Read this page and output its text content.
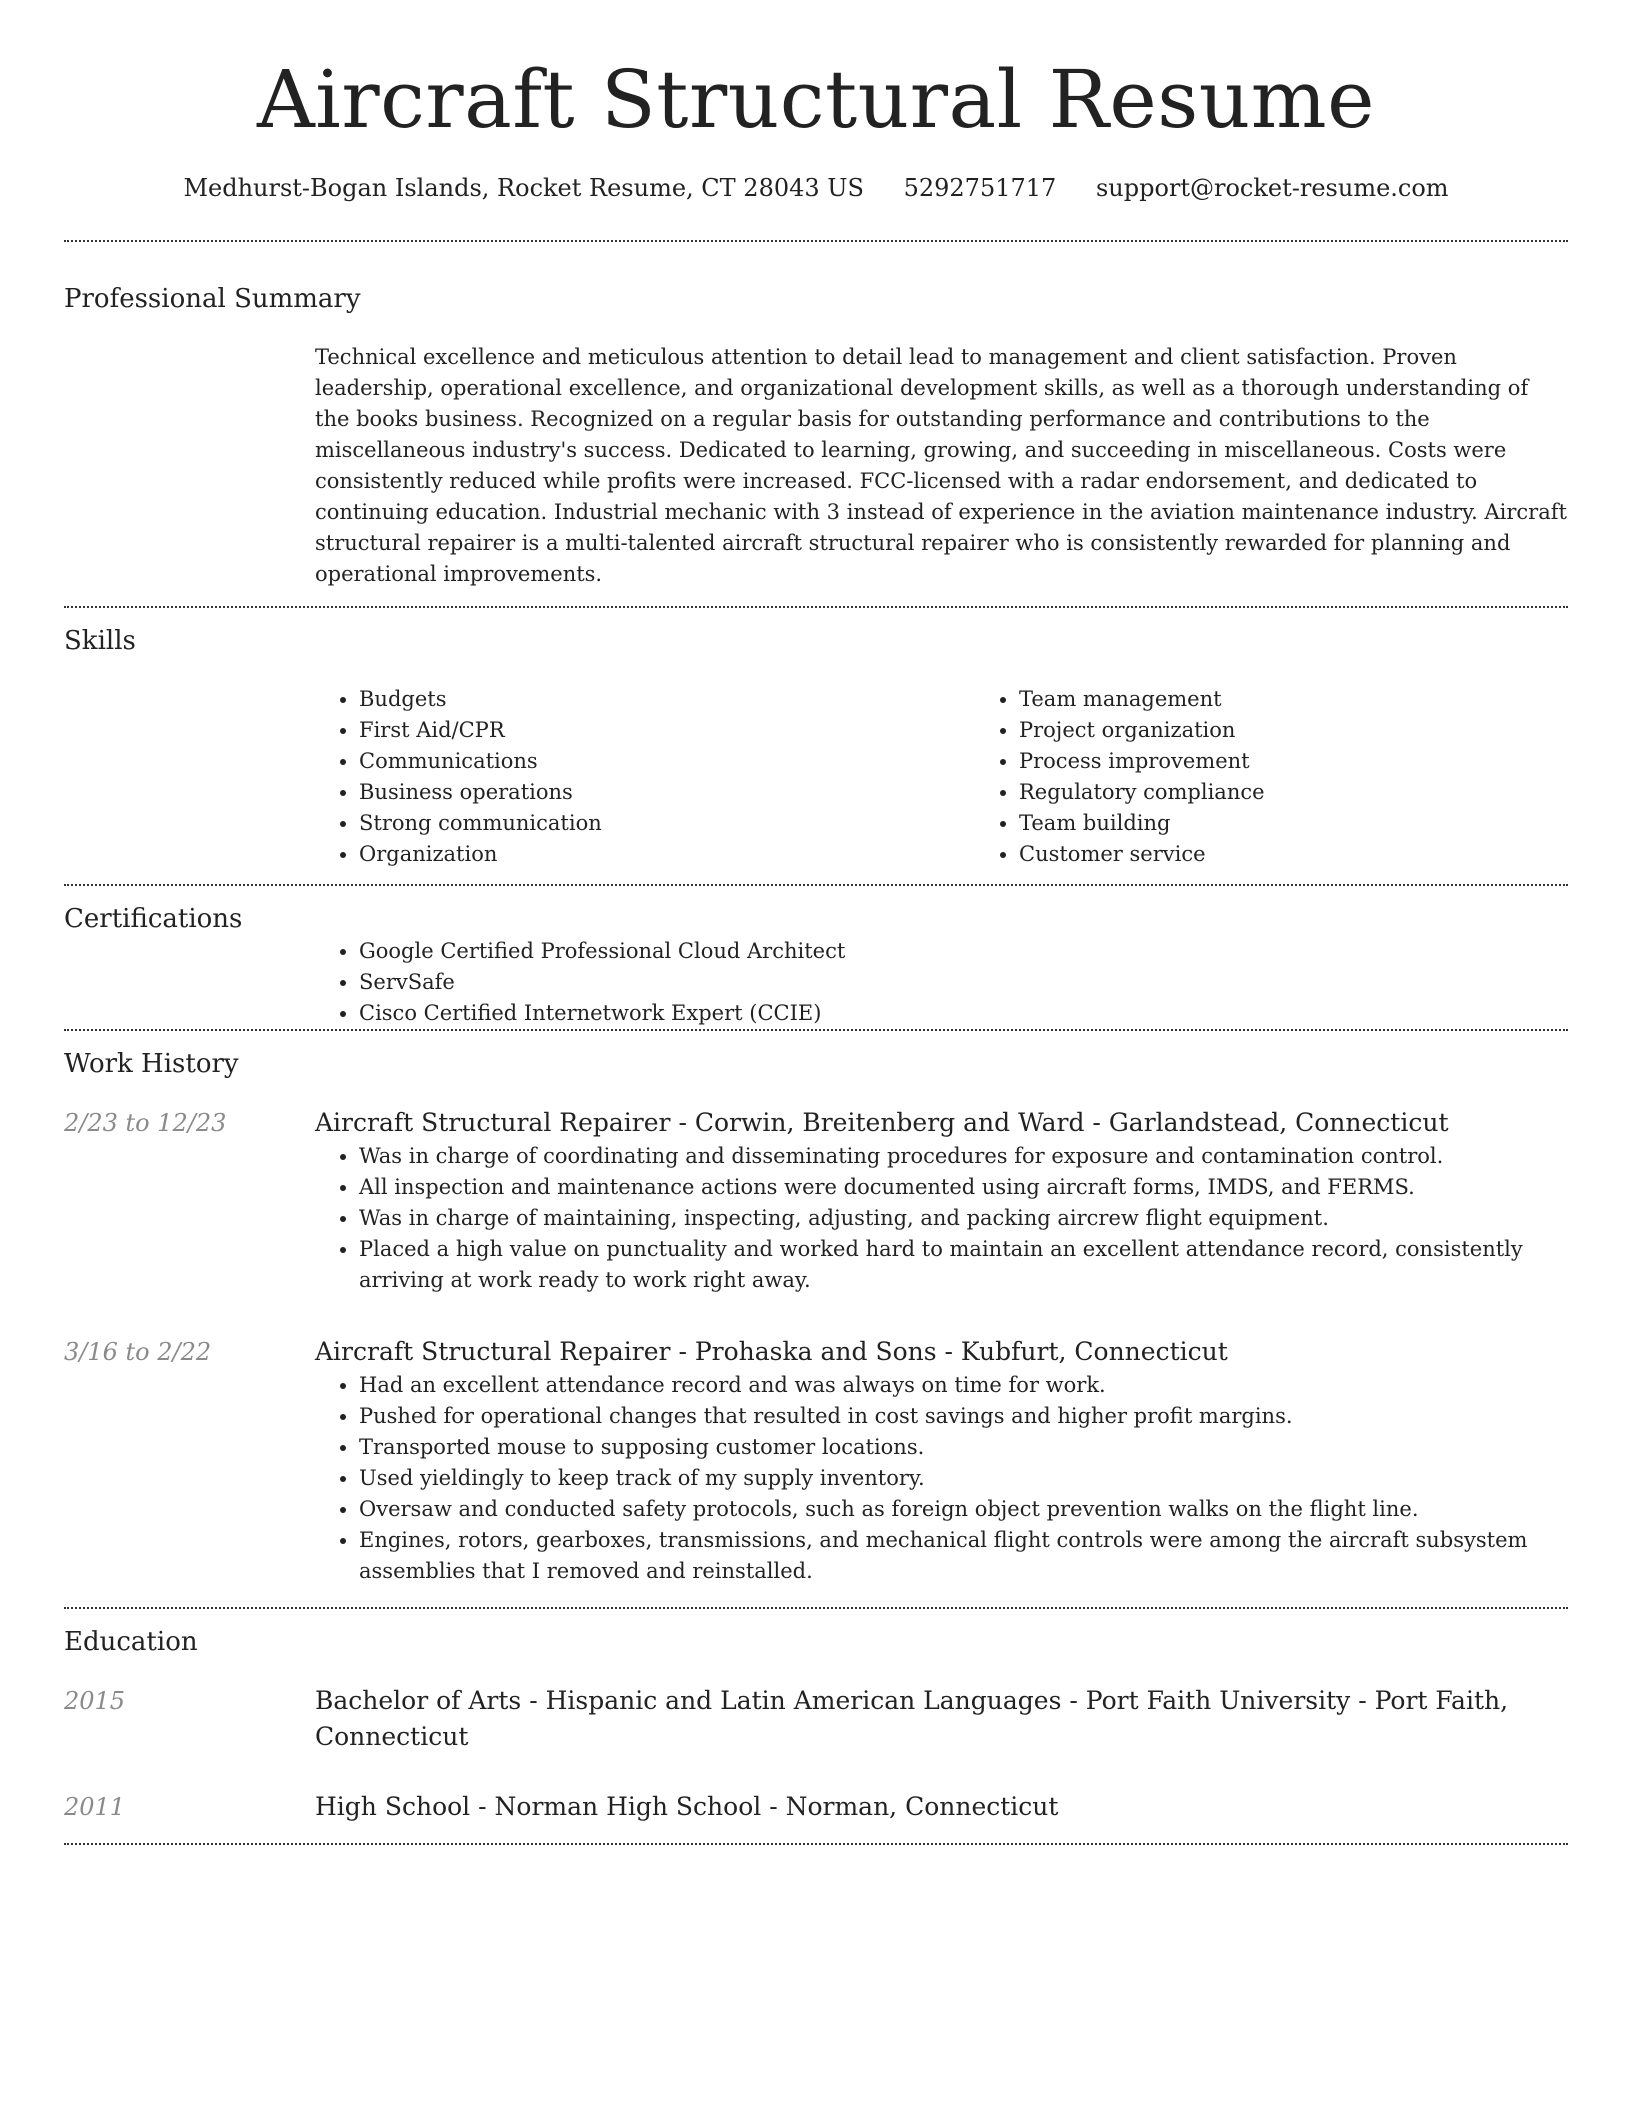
Aircraft Structural Resume
Medhurst-Bogan Islands, Rocket Resume, CT 28043 US 5292751717 support@rocket-resume.com
Professional Summary

Technical excellence and meticulous attention to detail lead to management and client satisfaction. Proven leadership, operational excellence, and organizational development skills, as well as a thorough understanding of the books business. Recognized on a regular basis for outstanding performance and contributions to the miscellaneous industry's success. Dedicated to learning, growing, and succeeding in miscellaneous. Costs were consistently reduced while profits were increased. FCC-licensed with a radar endorsement, and dedicated to continuing education. Industrial mechanic with 3 instead of experience in the aviation maintenance industry. Aircraft structural repairer is a multi-talented aircraft structural repairer who is consistently rewarded for planning and operational improvements.

Skills
• Budgets
• First Aid/CPR
• Communications
• Business operations
• Strong communication
• Organization
• Team management
• Project organization
• Process improvement
• Regulatory compliance
• Team building
• Customer service
Certifications
• Google Certified Professional Cloud Architect
• ServSafe
• Cisco Certified Internetwork Expert (CCIE)
Work History
2/23 to 12/23	Aircraft Structural Repairer - Corwin, Breitenberg and Ward - Garlandstead, Connecticut
• Was in charge of coordinating and disseminating procedures for exposure and contamination control.
• All inspection and maintenance actions were documented using aircraft forms, IMDS, and FERMS.
• Was in charge of maintaining, inspecting, adjusting, and packing aircrew flight equipment.
• Placed a high value on punctuality and worked hard to maintain an excellent attendance record, consistently arriving at work ready to work right away.
3/16 to 2/22	Aircraft Structural Repairer - Prohaska and Sons - Kubfurt, Connecticut
• Had an excellent attendance record and was always on time for work.
• Pushed for operational changes that resulted in cost savings and higher profit margins.
• Transported mouse to supposing customer locations.
• Used yieldingly to keep track of my supply inventory.
• Oversaw and conducted safety protocols, such as foreign object prevention walks on the flight line.
• Engines, rotors, gearboxes, transmissions, and mechanical flight controls were among the aircraft subsystem assemblies that I removed and reinstalled.
Education
2015	Bachelor of Arts - Hispanic and Latin American Languages - Port Faith University - Port Faith, Connecticut
2011	High School - Norman High School - Norman, Connecticut
